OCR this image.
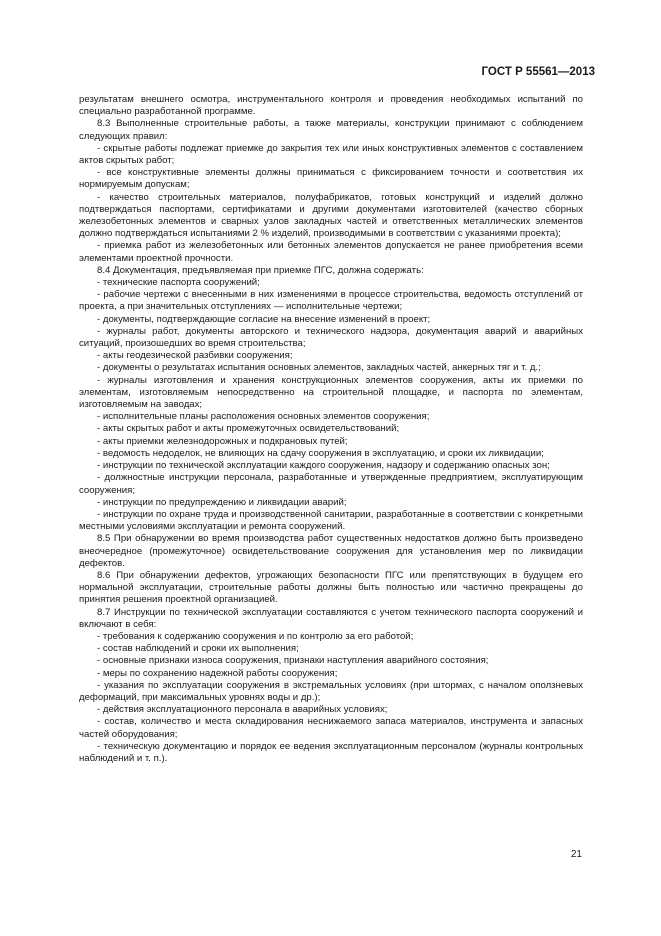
ГОСТ Р 55561—2013

результатам внешнего осмотра, инструментального контроля и проведения необходимых испытаний по специально разработанной программе.

8.3 Выполненные строительные работы, а также материалы, конструкции принимают с соблюдением следующих правил:

- скрытые работы подлежат приемке до закрытия тех или иных конструктивных элементов с составлением актов скрытых работ;

- все конструктивные элементы должны приниматься с фиксированием точности и соответствия их нормируемым допускам;

- качество строительных материалов, полуфабрикатов, готовых конструкций и изделий должно подтверждаться паспортами, сертификатами и другими документами изготовителей (качество сборных железобетонных элементов и сварных узлов закладных частей и ответственных металлических элементов должно подтверждаться испытаниями 2 % изделий, производимыми в соответствии с указаниями проекта);

- приемка работ из железобетонных или бетонных элементов допускается не ранее приобретения всеми элементами проектной прочности.

8.4 Документация, предъявляемая при приемке ПГС, должна содержать:

- технические паспорта сооружений;

- рабочие чертежи с внесенными в них изменениями в процессе строительства, ведомость отступлений от проекта, а при значительных отступлениях — исполнительные чертежи;

- документы, подтверждающие согласие на внесение изменений в проект;

- журналы работ, документы авторского и технического надзора, документация аварий и аварийных ситуаций, произошедших во время строительства;

- акты геодезической разбивки сооружения;

- документы о результатах испытания основных элементов, закладных частей, анкерных тяг и т. д.;

- журналы изготовления и хранения конструкционных элементов сооружения, акты их приемки по элементам, изготовляемым непосредственно на строительной площадке, и паспорта по элементам, изготовляемым на заводах;

- исполнительные планы расположения основных элементов сооружения;

- акты скрытых работ и акты промежуточных освидетельствований;

- акты приемки железнодорожных и подкрановых путей;

- ведомость недоделок, не влияющих на сдачу сооружения в эксплуатацию, и сроки их ликвидации;

- инструкции по технической эксплуатации каждого сооружения, надзору и содержанию опасных зон;

- должностные инструкции персонала, разработанные и утвержденные предприятием, эксплуатирующим сооружения;

- инструкции по предупреждению и ликвидации аварий;

- инструкции по охране труда и производственной санитарии, разработанные в соответствии с конкретными местными условиями эксплуатации и ремонта сооружений.

8.5 При обнаружении во время производства работ существенных недостатков должно быть произведено внеочередное (промежуточное) освидетельствование сооружения для установления мер по ликвидации дефектов.

8.6 При обнаружении дефектов, угрожающих безопасности ПГС или препятствующих в будущем его нормальной эксплуатации, строительные работы должны быть полностью или частично прекращены до принятия решения проектной организацией.

8.7 Инструкции по технической эксплуатации составляются с учетом технического паспорта сооружений и включают в себя:

- требования к содержанию сооружения и по контролю за его работой;

- состав наблюдений и сроки их выполнения;

- основные признаки износа сооружения, признаки наступления аварийного состояния;

- меры по сохранению надежной работы сооружения;

- указания по эксплуатации сооружения в экстремальных условиях (при штормах, с началом оползневых деформаций, при максимальных уровнях воды и др.);

- действия эксплуатационного персонала в аварийных условиях;

- состав, количество и места складирования неснижаемого запаса материалов, инструмента и запасных частей оборудования;

- техническую документацию и порядок ее ведения эксплуатационным персоналом (журналы контрольных наблюдений и т. п.).

21
